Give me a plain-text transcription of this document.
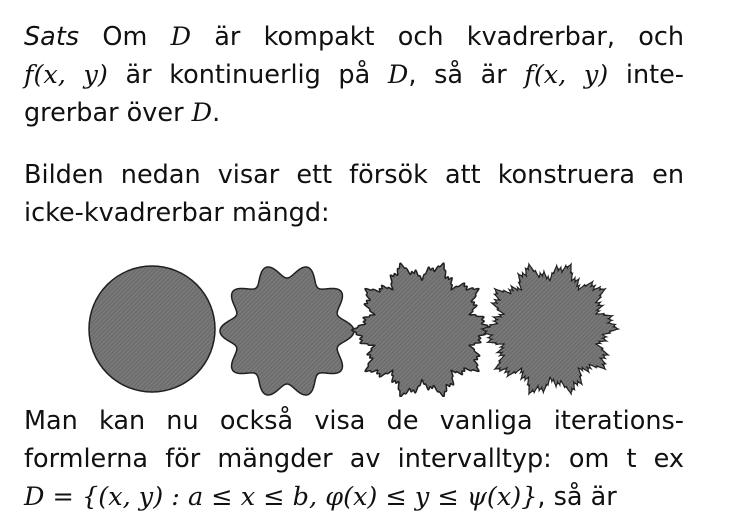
Sats Om D är kompakt och kvadrerbar, och
f(x, y) är kontinuerlig på D, så är f(x, y) inte-
grerbar över D.
Bilden nedan visar ett försök att konstruera en
icke-kvadrerbar mängd:
Man kan nu också visa de vanliga iterations-
formlerna för mängder av intervalltyp: om t ex
D = {(x, y) : a ≤ x ≤ b, φ(x) ≤ y ≤ ψ(x)}, så är
